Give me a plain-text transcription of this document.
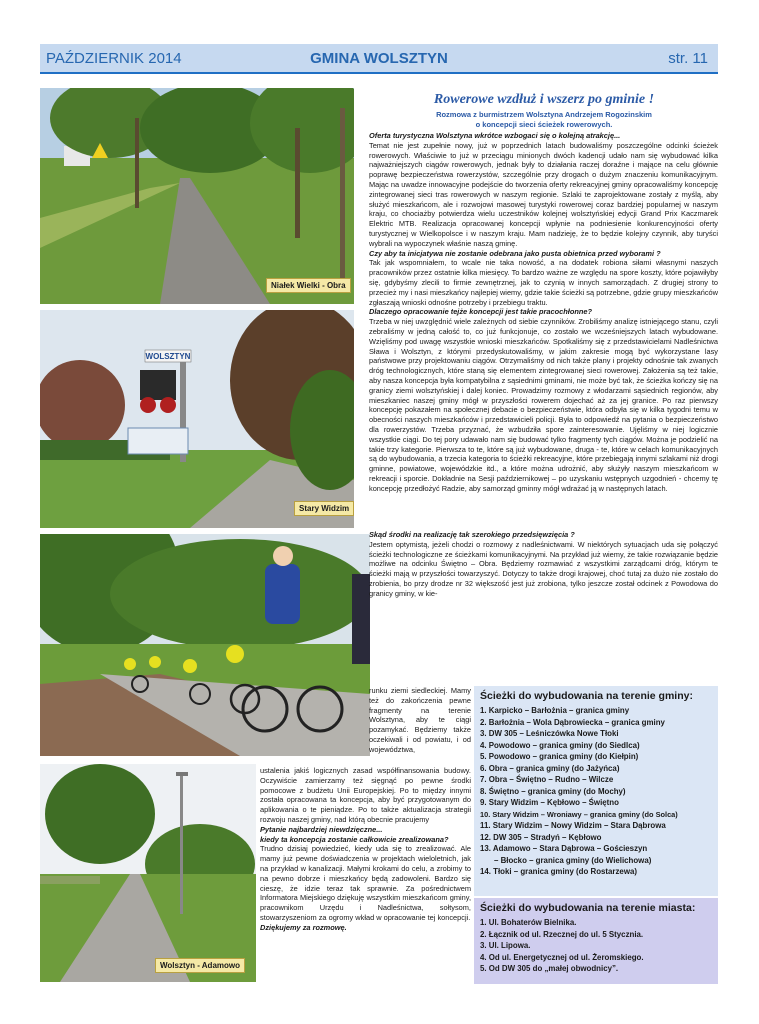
PAŹDZIERNIK 2014	GMINA WOLSZTYN	str. 11
Niałek Wielki - Obra
WOLSZTYN
Stary Widzim
Wolsztyn - Adamowo
Rowerowe wzdłuż i wszerz po gminie !
Rozmowa z burmistrzem Wolsztyna Andrzejem Rogozinskim
o koncepcji sieci ścieżek rowerowych.

Oferta turystyczna Wolsztyna wkrótce wzbogaci się o kolejną atrakcję...

Temat nie jest zupełnie nowy, już w poprzednich latach budowaliśmy poszczególne odcinki ścieżek rowerowych. Właściwie to już w przeciągu minionych dwóch kadencji udało nam się wybudować kilka najważniejszych ciągów rowerowych, jednak były to działania raczej doraźne i mające na celu głównie poprawę bezpieczeństwa rowerzystów, szczególnie przy drogach o dużym znaczeniu komunikacyjnym. Mając na uwadze innowacyjne podejście do tworzenia oferty rekreacyjnej gminy opracowaliśmy koncepcję zintegrowanej sieci tras rowerowych w naszym regionie. Szlaki te zaprojektowane zostały z myślą, aby służyć mieszkańcom, ale i rozwojowi masowej turystyki rowerowej coraz bardziej popularnej w naszym kraju, co chociażby potwierdza wielu uczestników kolejnej wolsztyńskiej edycji Grand Prix Kaczmarek Elektric MTB. Realizacja opracowanej koncepcji wpłynie na podniesienie konkurencyjności oferty turystycznej w Wielkopolsce i w naszym kraju. Mam nadzieję, że to będzie kolejny czynnik, aby turyści wybrali na wypoczynek właśnie naszą gminę.

Czy aby ta inicjatywa nie zostanie odebrana jako pusta obietnica przed wyborami ?

Tak jak wspomniałem, to wcale nie taka nowość, a na dodatek robiona siłami własnymi naszych pracowników przez ostatnie kilka miesięcy. To bardzo ważne ze względu na spore koszty, które pojawiłyby się, gdybyśmy zlecili to firmie zewnętrznej, jak to czynią w innych samorządach. Z drugiej strony to przecież my i nasi mieszkańcy najlepiej wiemy, gdzie takie ścieżki są potrzebne, gdzie grupy mieszkańców zgłaszają wnioski odnośne potrzeby i przebiegu traktu.

Dlaczego opracowanie tejże koncepcji jest takie pracochłonne?

Trzeba w niej uwzględnić wiele zależnych od siebie czynników. Zrobiliśmy analizę istniejącego stanu, czyli zebraliśmy w jedną całość to, co już funkcjonuje, co zostało we wcześniejszych latach wybudowane. Wzięliśmy pod uwagę wszystkie wnioski mieszkańców. Spotkaliśmy się z przedstawicielami Nadleśnictwa Sława i Wolsztyn, z którymi przedyskutowaliśmy, w jakim zakresie mogą być wykorzystane lasy państwowe przy projektowaniu ciągów. Otrzymaliśmy od nich także plany i projekty odnośnie tak zwanych dróg technologicznych, które staną się elementem zintegrowanej sieci rowerowej. Założenia są też takie, aby nasza koncepcja była kompatybilna z sąsiednimi gminami, nie może być tak, że ścieżka kończy się na granicy ziemi wolsztyńskiej i dalej koniec. Prowadzimy rozmowy z włodarzami sąsiednich regionów, aby mieszkaniec naszej gminy mógł w przyszłości rowerem dojechać aż za jej granice. Po raz pierwszy koncepcję pokazałem na społecznej debacie o bezpieczeństwie, która odbyła się w kilka tygodni temu w obecności naszych mieszkańców i przedstawicieli policji. Była to odpowiedź na pytania o bezpieczeństwo dla rowerzystów. Trzeba przyznać, że wzbudziła spore zainteresowanie. Ujęliśmy w niej logicznie wszystkie ciągi. Do tej pory udawało nam się budować tylko fragmenty tych ciągów. Można je podzielić na takie trzy kategorie. Pierwsza to te, które są już wybudowane, druga - te, które w celach komunikacyjnych są do wybudowania, a trzecia kategoria to ścieżki rekreacyjne, które przebiegają innymi szlakami niż drogi gminne, powiatowe, wojewódzkie itd., a które można udrożnić, aby służyły naszym mieszkańcom w rekreacji i sporcie. Dokładnie na Sesji październikowej – po uzyskaniu wstępnych uzgodnień - chcemy tę koncepcję przedłożyć Radzie, aby samorząd gminny mógł wdrażać ją w następnych latach.

Skąd środki na realizację tak szerokiego przedsięwzięcia ?

Jestem optymistą, jeżeli chodzi o rozmowy z nadleśnictwami. W niektórych sytuacjach uda się połączyć ścieżki technologiczne ze ścieżkami komunikacyjnymi. Na przykład już wiemy, że takie rozwiązanie będzie możliwe na odcinku Świętno – Obra. Będziemy rozmawiać z wszystkimi zarządcami dróg, którym te ścieżki mają w przyszłości towarzyszyć. Dotyczy to także drogi krajowej, choć tutaj za dużo nie zostało do zrobienia, bo przy drodze nr 32 większość jest już zrobiona, tylko jeszcze został odcinek z Powodowa do granicy gminy, w kie-

runku ziemi siedleckiej. Mamy też do zakończenia pewne fragmenty na terenie Wolsztyna, aby te ciągi pozamykać. Będziemy także oczekiwali i od powiatu, i od województwa,

ustalenia jakiś logicznych zasad współfinansowania budowy. Oczywiście zamierzamy też sięgnąć po pewne środki pomocowe z budżetu Unii Europejskiej. Po to między innymi została opracowana ta koncepcja, aby być przygotowanym do aplikowania o te pieniądze. Po to także aktualizacja strategii rozwoju naszej gminy, nad którą obecnie pracujemy

Pytanie najbardziej niewdzięczne...

kiedy ta koncepcja zostanie całkowicie zrealizowana?

Trudno dzisiaj powiedzieć, kiedy uda się to zrealizować. Ale mamy już pewne doświadczenia w projektach wieloletnich, jak na przykład w kanalizacji. Małymi krokami do celu, a zrobimy to na pewno dobrze i mieszkańcy będą zadowoleni. Bardzo się cieszę, że idzie teraz tak sprawnie. Za pośrednictwem Informatora Miejskiego dziękuję wszystkim mieszkańcom gminy, pracownikom Urzędu i Nadleśnictwa, sołtysom, stowarzyszeniom za ogromy wkład w opracowanie tej koncepcji.

Dziękujemy za rozmowę.

Ścieżki do wybudowania na terenie gminy:
1. Karpicko – Barłożnia – granica gminy
2. Barłożnia – Wola Dąbrowiecka – granica gminy
3. DW 305 – Leśniczówka Nowe Tłoki
4. Powodowo – granica gminy (do Siedlca)
5. Powodowo – granica gminy (do Kiełpin)
6. Obra – granica gminy (do Jażyńca)
7. Obra – Świętno – Rudno – Wilcze
8. Świętno – granica gminy (do Mochy)
9. Stary Widzim – Kębłowo – Świętno
10. Stary Widzim – Wroniawy – granica gminy (do Solca)
11. Stary Widzim – Nowy Widzim – Stara Dąbrowa
12. DW 305 – Stradyń – Kębłowo
13. Adamowo – Stara Dąbrowa – Gościeszyn
– Błocko – granica gminy (do Wielichowa)
14. Tłoki – granica gminy (do Rostarzewa)
Ścieżki do wybudowania na terenie miasta:
1. Ul. Bohaterów Bielnika.
2. Łącznik od ul. Rzecznej do ul. 5 Stycznia.
3. Ul. Lipowa.
4. Od ul. Energetycznej od ul. Żeromskiego.
5. Od DW 305 do „małej obwodnicy”.
